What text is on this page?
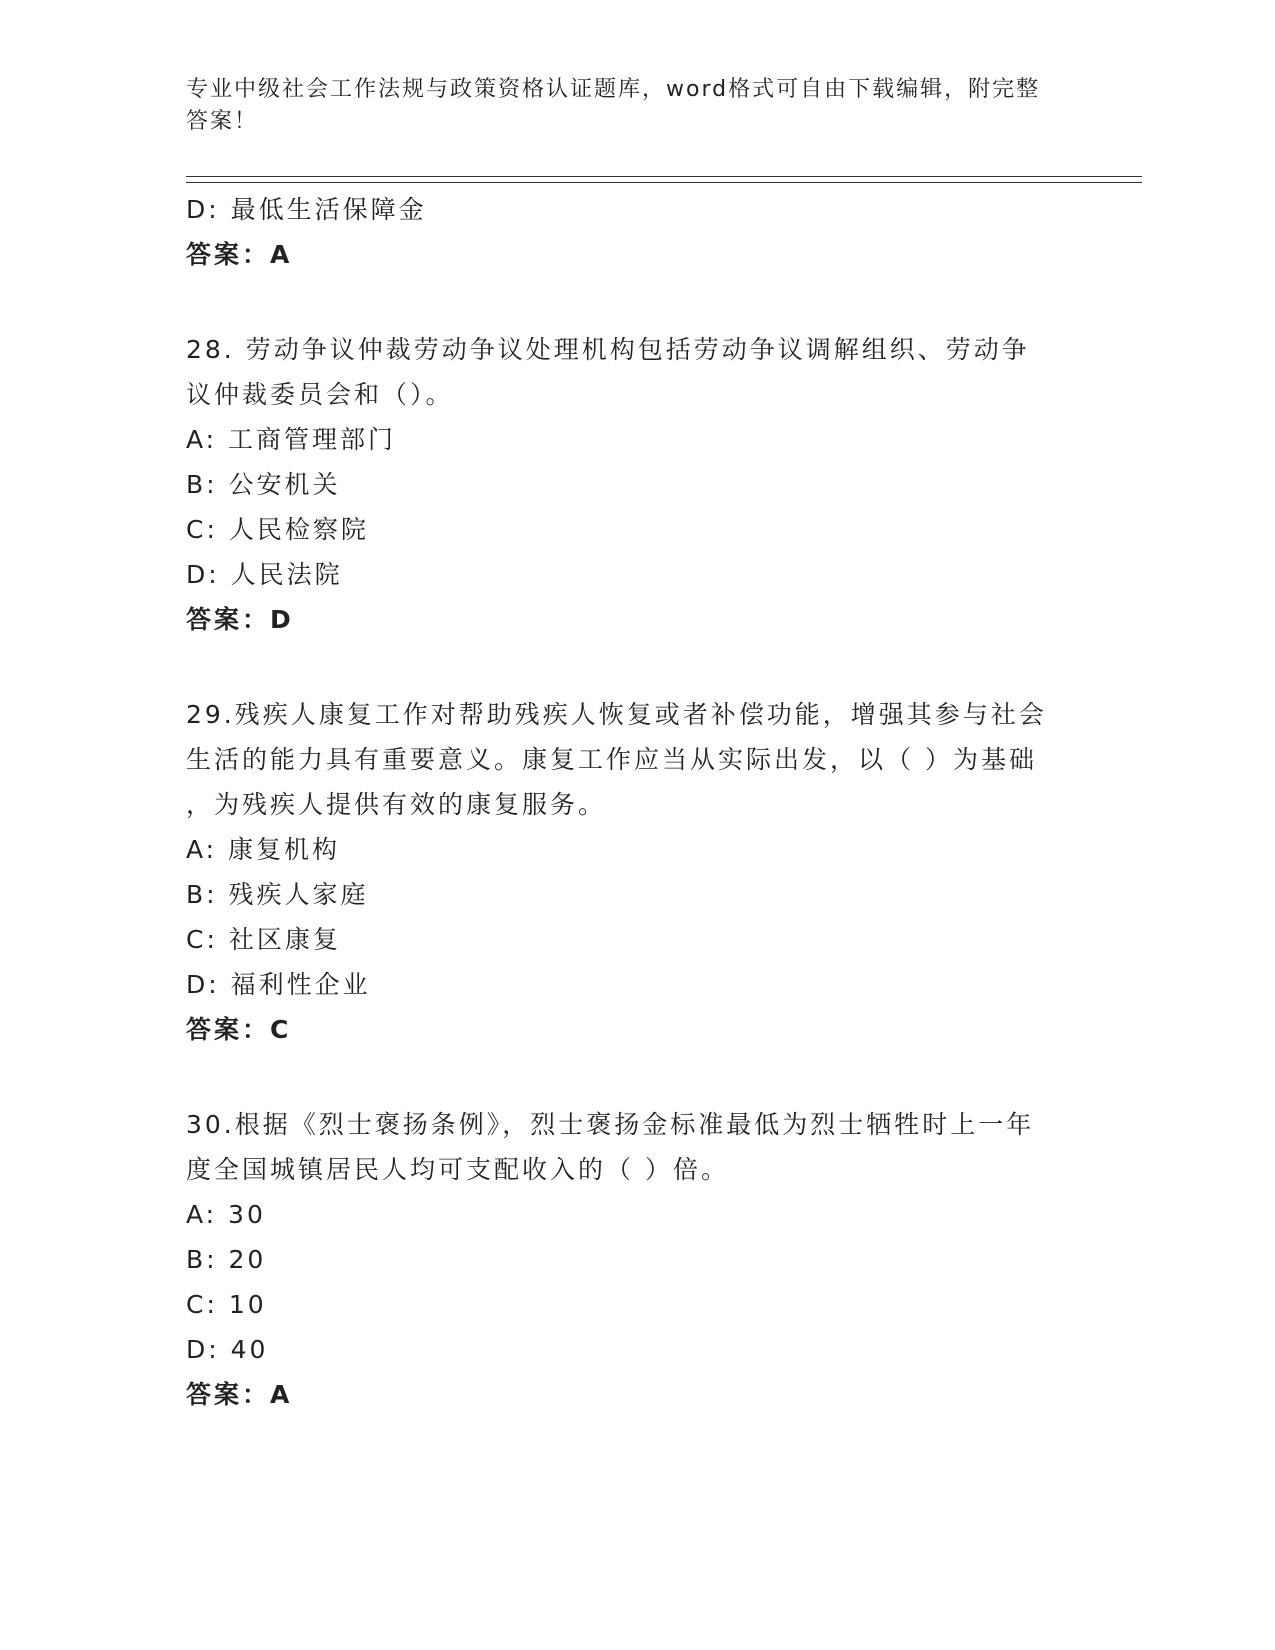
专业中级社会工作法规与政策资格认证题库，word格式可自由下载编辑，附完整
答案！
D: 最低生活保障金
答案：A
28. 劳动争议仲裁劳动争议处理机构包括劳动争议调解组织、劳动争
议仲裁委员会和（）。
A: 工商管理部门
B: 公安机关
C: 人民检察院
D: 人民法院
答案：D
29.残疾人康复工作对帮助残疾人恢复或者补偿功能，增强其参与社会
生活的能力具有重要意义。康复工作应当从实际出发，以（ ）为基础
，为残疾人提供有效的康复服务。
A: 康复机构
B: 残疾人家庭
C: 社区康复
D: 福利性企业
答案：C
30.根据《烈士褒扬条例》，烈士褒扬金标准最低为烈士牺牲时上一年
度全国城镇居民人均可支配收入的（ ）倍。
A: 30
B: 20
C: 10
D: 40
答案：A
